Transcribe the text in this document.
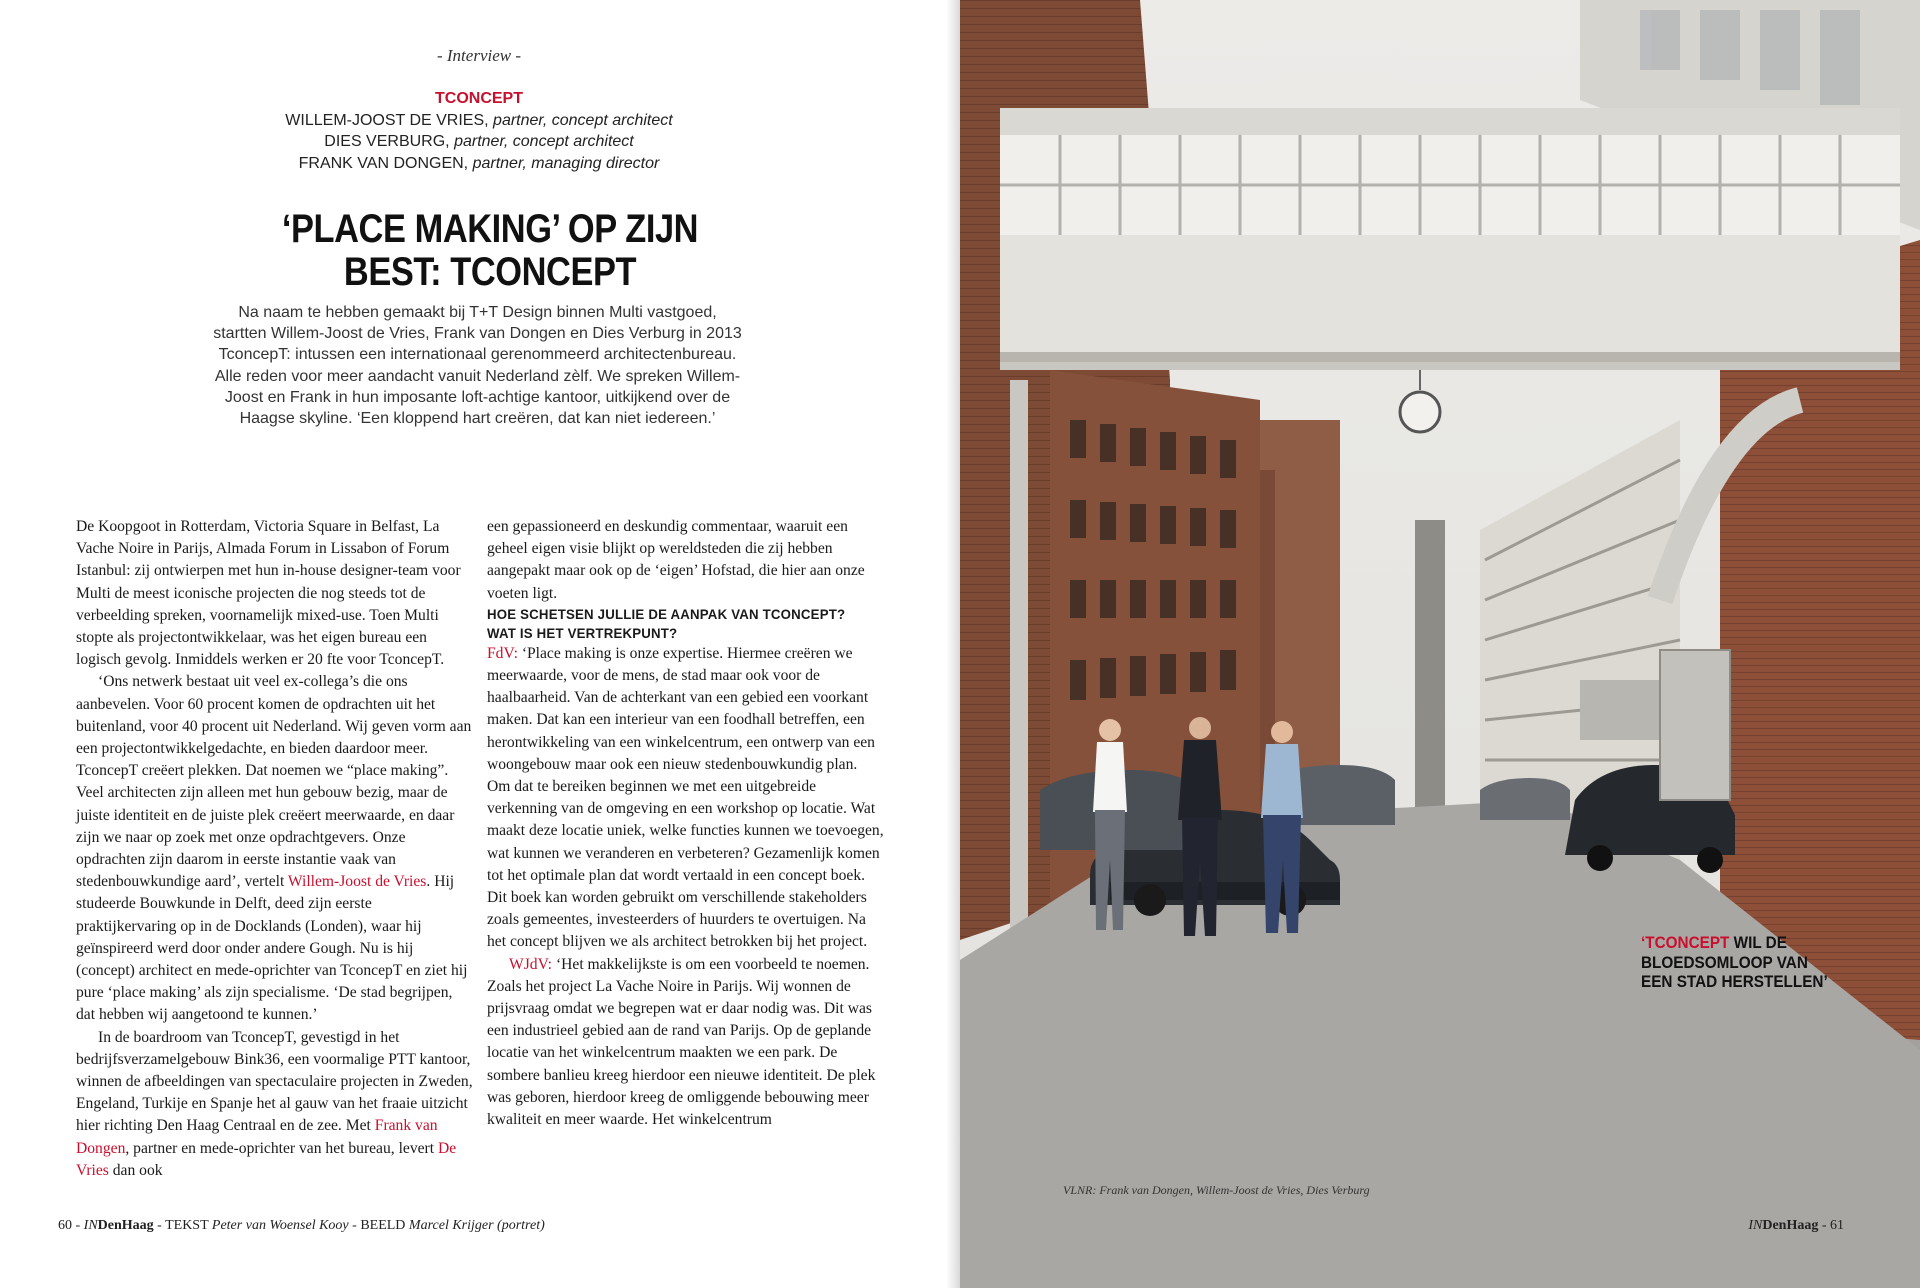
- Interview -
TCONCEPT
WILLEM-JOOST DE VRIES, partner, concept architect
DIES VERBURG, partner, concept architect
FRANK VAN DONGEN, partner, managing director
‘PLACE MAKING’ OP ZIJN
BEST: TCONCEPT

Na naam te hebben gemaakt bij T+T Design binnen Multi vastgoed, startten Willem-Joost de Vries, Frank van Dongen en Dies Verburg in 2013 TconcepT: intussen een internationaal gerenommeerd architectenbureau. Alle reden voor meer aandacht vanuit Nederland zèlf. We spreken Willem-Joost en Frank in hun imposante loft-achtige kantoor, uitkijkend over de Haagse skyline. ‘Een kloppend hart creëren, dat kan niet iedereen.’

De Koopgoot in Rotterdam, Victoria Square in Belfast, La Vache Noire in Parijs, Almada Forum in Lissabon of Forum Istanbul: zij ontwierpen met hun in-house designer-team voor Multi de meest iconische projecten die nog steeds tot de verbeelding spreken, voornamelijk mixed-use. Toen Multi stopte als projectontwikkelaar, was het eigen bureau een logisch gevolg. Inmiddels werken er 20 fte voor TconcepT.

‘Ons netwerk bestaat uit veel ex-collega’s die ons aanbevelen. Voor 60 procent komen de opdrachten uit het buitenland, voor 40 procent uit Nederland. Wij geven vorm aan een projectontwikkelgedachte, en bieden daardoor meer. TconcepT creëert plekken. Dat noemen we “place making”. Veel architecten zijn alleen met hun gebouw bezig, maar de juiste identiteit en de juiste plek creëert meerwaarde, en daar zijn we naar op zoek met onze opdrachtgevers. Onze opdrachten zijn daarom in eerste instantie vaak van stedenbouwkundige aard’, vertelt Willem-Joost de Vries. Hij studeerde Bouwkunde in Delft, deed zijn eerste praktijkervaring op in de Docklands (Londen), waar hij geïnspireerd werd door onder andere Gough. Nu is hij (concept) architect en mede-oprichter van TconcepT en ziet hij pure ‘place making’ als zijn specialisme. ‘De stad begrijpen, dat hebben wij aangetoond te kunnen.’

In de boardroom van TconcepT, gevestigd in het bedrijfsverzamelgebouw Bink36, een voormalige PTT kantoor, winnen de afbeeldingen van spectaculaire projecten in Zweden, Engeland, Turkije en Spanje het al gauw van het fraaie uitzicht hier richting Den Haag Centraal en de zee. Met Frank van Dongen, partner en mede-oprichter van het bureau, levert De Vries dan ook

een gepassioneerd en deskundig commentaar, waaruit een geheel eigen visie blijkt op wereldsteden die zij hebben aangepakt maar ook op de ‘eigen’ Hofstad, die hier aan onze voeten ligt.

HOE SCHETSEN JULLIE DE AANPAK VAN TCONCEPT? WAT IS HET VERTREKPUNT?

FdV: ‘Place making is onze expertise. Hiermee creëren we meerwaarde, voor de mens, de stad maar ook voor de haalbaarheid. Van de achterkant van een gebied een voorkant maken. Dat kan een interieur van een foodhall betreffen, een herontwikkeling van een winkelcentrum, een ontwerp van een woongebouw maar ook een nieuw stedenbouwkundig plan. Om dat te bereiken beginnen we met een uitgebreide verkenning van de omgeving en een workshop op locatie. Wat maakt deze locatie uniek, welke functies kunnen we toevoegen, wat kunnen we veranderen en verbeteren? Gezamenlijk komen tot het optimale plan dat wordt vertaald in een concept boek. Dit boek kan worden gebruikt om verschillende stakeholders zoals gemeentes, investeerders of huurders te overtuigen. Na het concept blijven we als architect betrokken bij het project.

WJdV: ‘Het makkelijkste is om een voorbeeld te noemen. Zoals het project La Vache Noire in Parijs. Wij wonnen de prijsvraag omdat we begrepen wat er daar nodig was. Dit was een industrieel gebied aan de rand van Parijs. Op de geplande locatie van het winkelcentrum maakten we een park. De sombere banlieu kreeg hierdoor een nieuwe identiteit. De plek was geboren, hierdoor kreeg de omliggende bebouwing meer kwaliteit en meer waarde. Het winkelcentrum

60 - INDenHaag - TEKST Peter van Woensel Kooy - BEELD Marcel Krijger (portret)
VLNR: Frank van Dongen, Willem-Joost de Vries, Dies Verburg
‘TCONCEPT WIL DE
BLOEDSOMLOOP VAN
EEN STAD HERSTELLEN’
INDenHaag - 61
